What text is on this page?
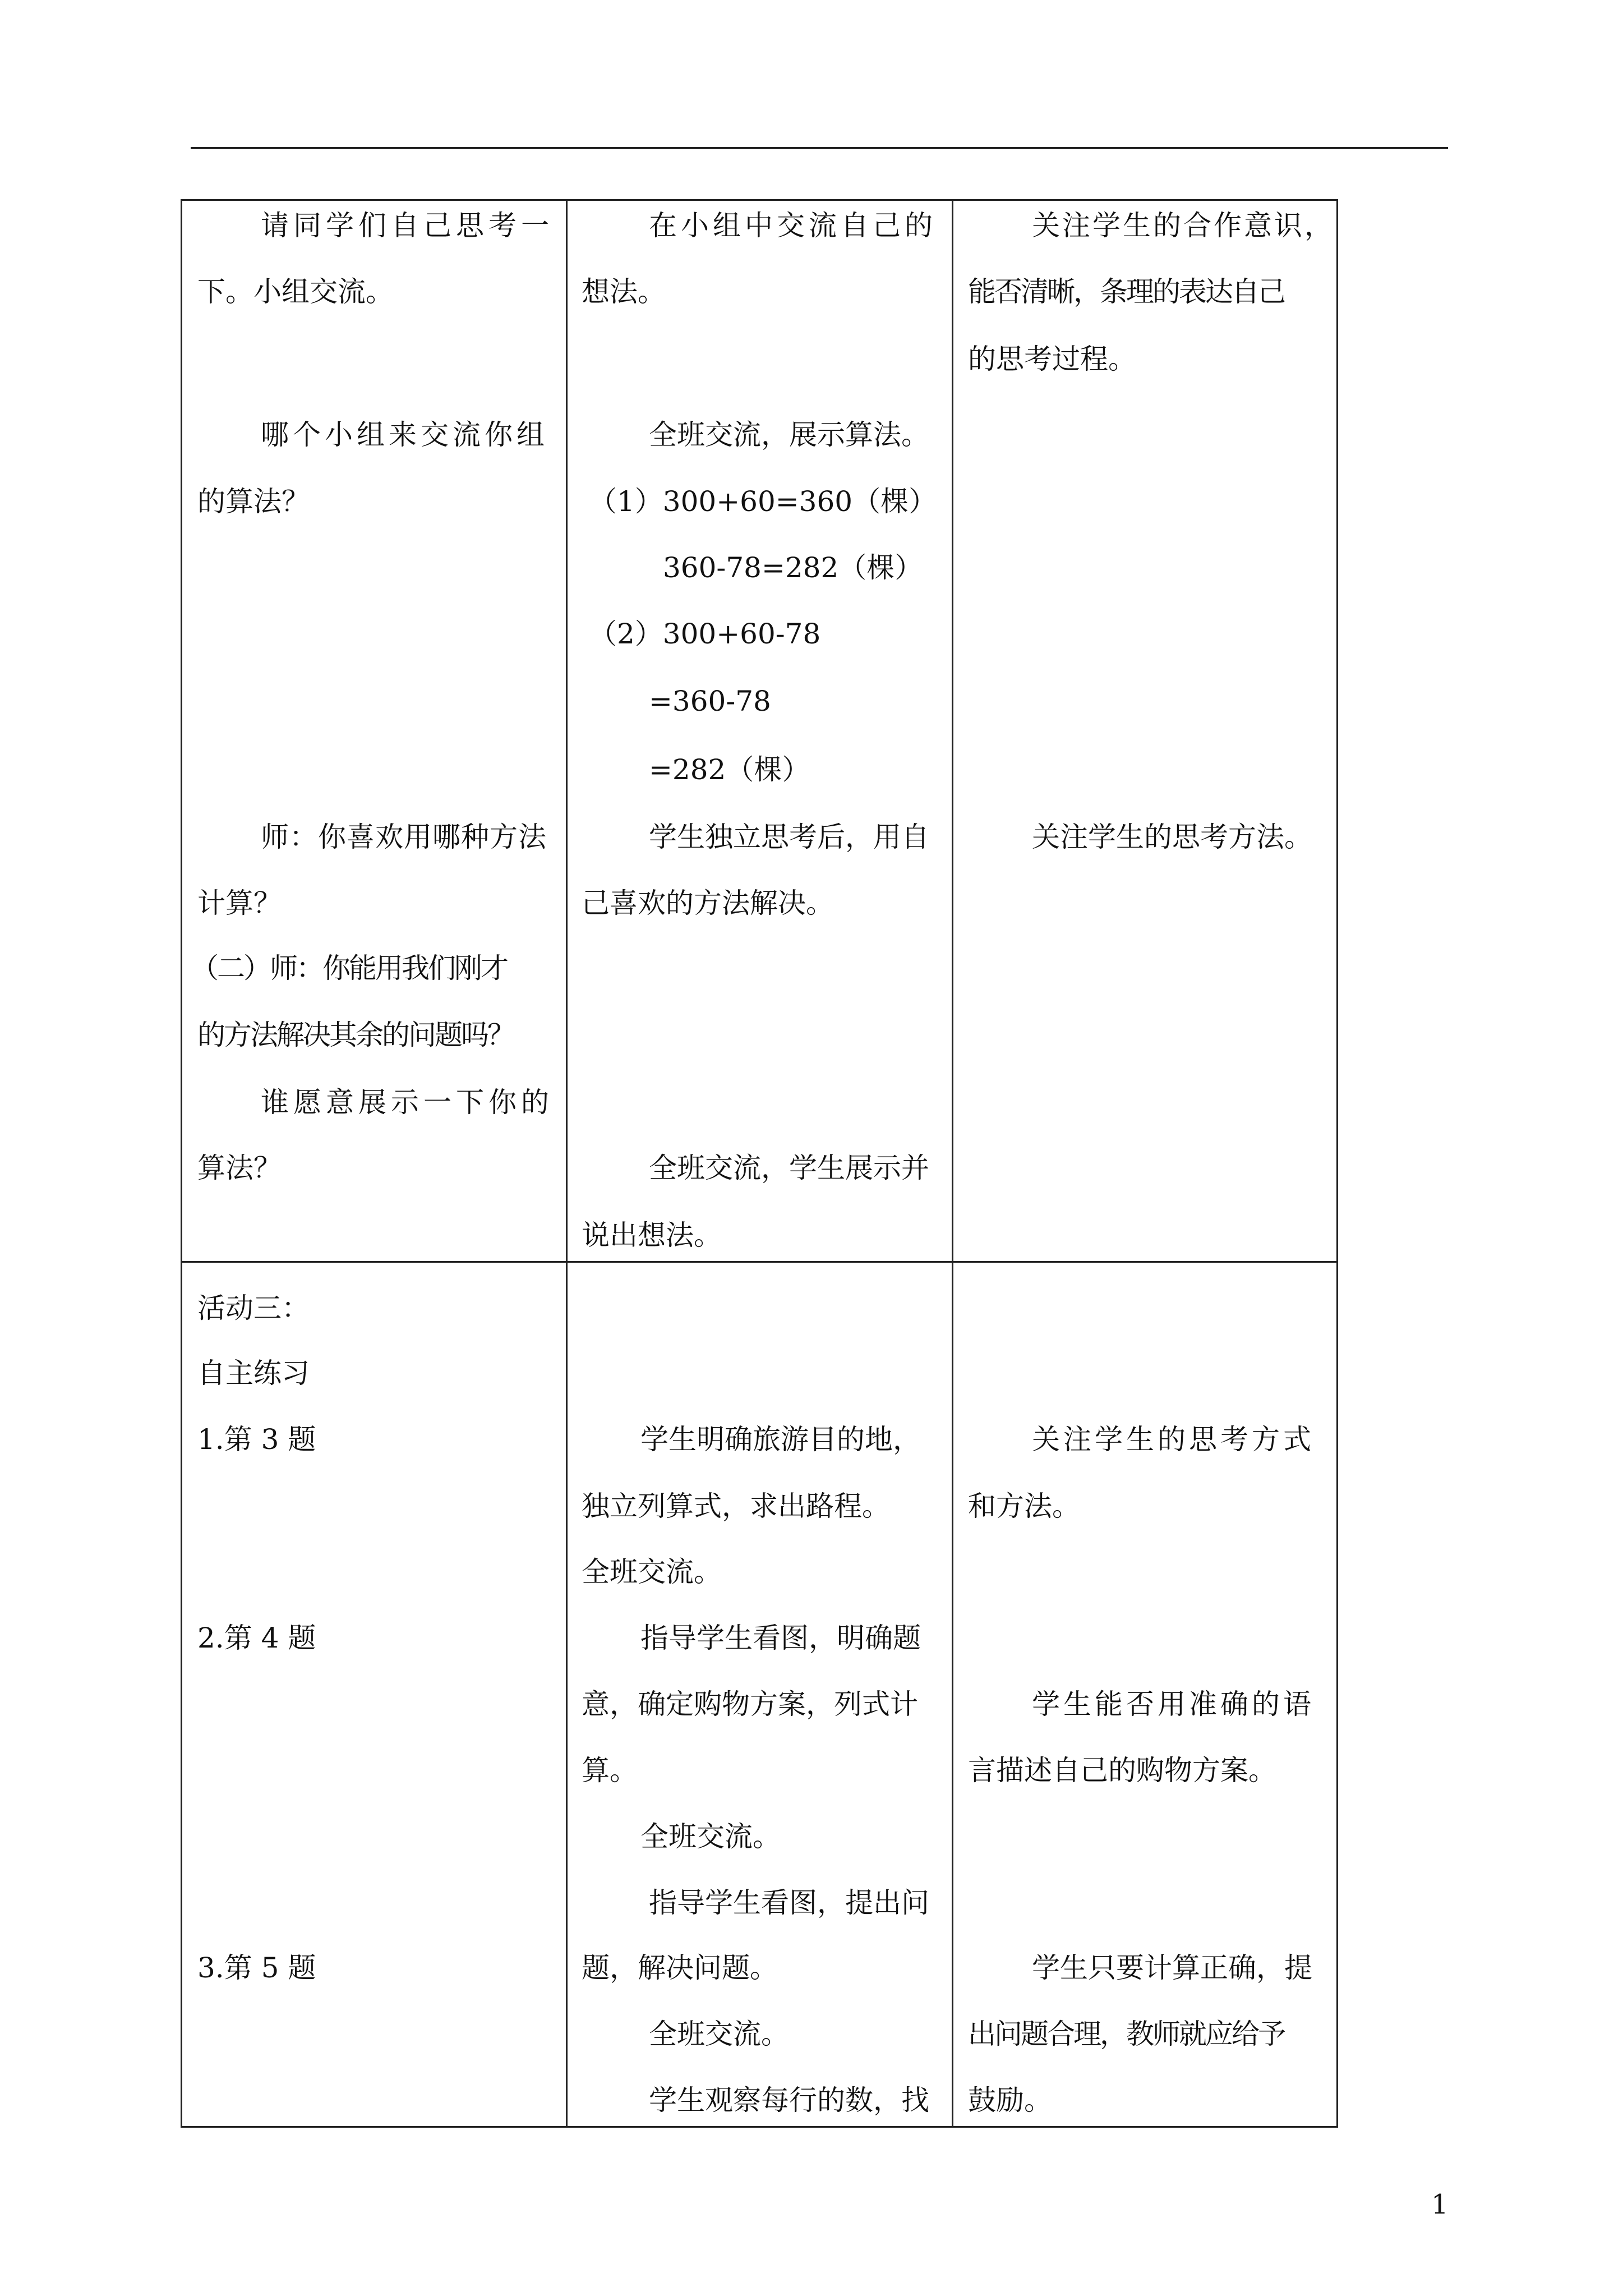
请同学们自己思考一
下。小组交流。
哪个小组来交流你组
的算法？
师：你喜欢用哪种方法
计算？
（二）师：你能用我们刚才
的方法解决其余的问题吗？
谁愿意展示一下你的
算法？
在小组中交流自己的
想法。
全班交流，展示算法。
（1）300+60=360（棵）
360-78=282（棵）
（2）300+60-78
=360-78
=282（棵）
学生独立思考后，用自
己喜欢的方法解决。
全班交流，学生展示并
说出想法。
关注学生的合作意识，
能否清晰，条理的表达自己
的思考过程。
关注学生的思考方法。
活动三：
自主练习
1.第 3 题
2.第 4 题
3.第 5 题
学生明确旅游目的地，
独立列算式，求出路程。
全班交流。
指导学生看图，明确题
意，确定购物方案，列式计
算。
全班交流。
指导学生看图，提出问
题，解决问题。
全班交流。
学生观察每行的数，找
关注学生的思考方式
和方法。
学生能否用准确的语
言描述自己的购物方案。
学生只要计算正确，提
出问题合理，教师就应给予
鼓励。
1
